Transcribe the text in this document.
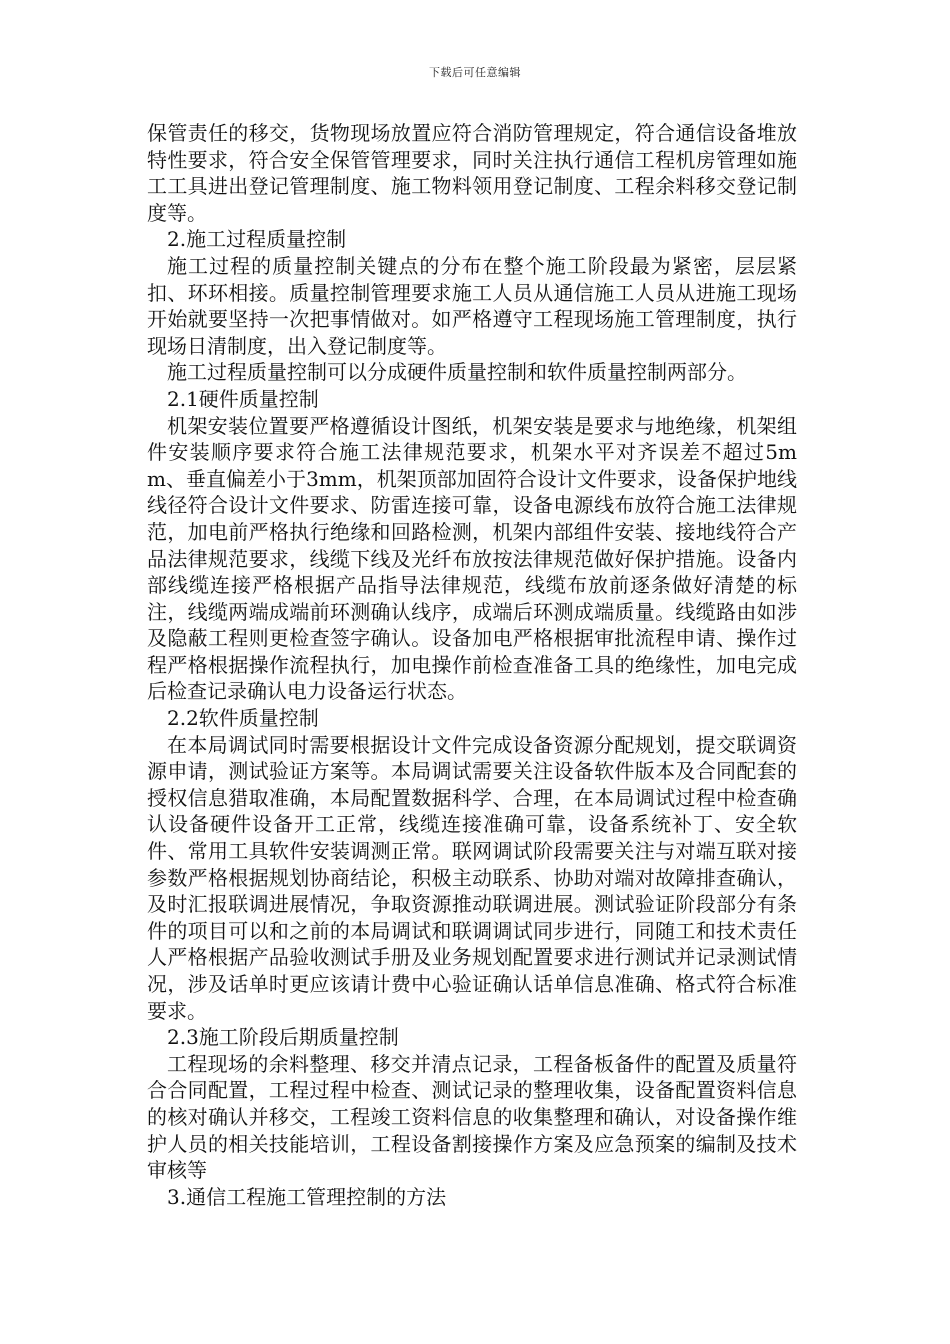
下载后可任意编辑

保管责任的移交，货物现场放置应符合消防管理规定，符合通信设备堆放特性要求，符合安全保管管理要求，同时关注执行通信工程机房管理如施工工具进出登记管理制度、施工物料领用登记制度、工程余料移交登记制度等。

2.施工过程质量控制

施工过程的质量控制关键点的分布在整个施工阶段最为紧密，层层紧扣、环环相接。质量控制管理要求施工人员从通信施工人员从进施工现场开始就要坚持一次把事情做对。如严格遵守工程现场施工管理制度，执行现场日清制度，出入登记制度等。

施工过程质量控制可以分成硬件质量控制和软件质量控制两部分。

2.1硬件质量控制

机架安装位置要严格遵循设计图纸，机架安装是要求与地绝缘，机架组件安装顺序要求符合施工法律规范要求，机架水平对齐误差不超过5mm、垂直偏差小于3mm，机架顶部加固符合设计文件要求，设备保护地线线径符合设计文件要求、防雷连接可靠，设备电源线布放符合施工法律规范，加电前严格执行绝缘和回路检测，机架内部组件安装、接地线符合产品法律规范要求，线缆下线及光纤布放按法律规范做好保护措施。设备内部线缆连接严格根据产品指导法律规范，线缆布放前逐条做好清楚的标注，线缆两端成端前环测确认线序，成端后环测成端质量。线缆路由如涉及隐蔽工程则更检查签字确认。设备加电严格根据审批流程申请、操作过程严格根据操作流程执行，加电操作前检查准备工具的绝缘性，加电完成后检查记录确认电力设备运行状态。

2.2软件质量控制

在本局调试同时需要根据设计文件完成设备资源分配规划，提交联调资源申请，测试验证方案等。本局调试需要关注设备软件版本及合同配套的授权信息猎取准确，本局配置数据科学、合理，在本局调试过程中检查确认设备硬件设备开工正常，线缆连接准确可靠，设备系统补丁、安全软件、常用工具软件安装调测正常。联网调试阶段需要关注与对端互联对接参数严格根据规划协商结论，积极主动联系、协助对端对故障排查确认，及时汇报联调进展情况，争取资源推动联调进展。测试验证阶段部分有条件的项目可以和之前的本局调试和联调调试同步进行，同随工和技术责任人严格根据产品验收测试手册及业务规划配置要求进行测试并记录测试情况，涉及话单时更应该请计费中心验证确认话单信息准确、格式符合标准要求。

2.3施工阶段后期质量控制

工程现场的余料整理、移交并清点记录，工程备板备件的配置及质量符合合同配置，工程过程中检查、测试记录的整理收集，设备配置资料信息的核对确认并移交，工程竣工资料信息的收集整理和确认，对设备操作维护人员的相关技能培训，工程设备割接操作方案及应急预案的编制及技术审核等

3.通信工程施工管理控制的方法
